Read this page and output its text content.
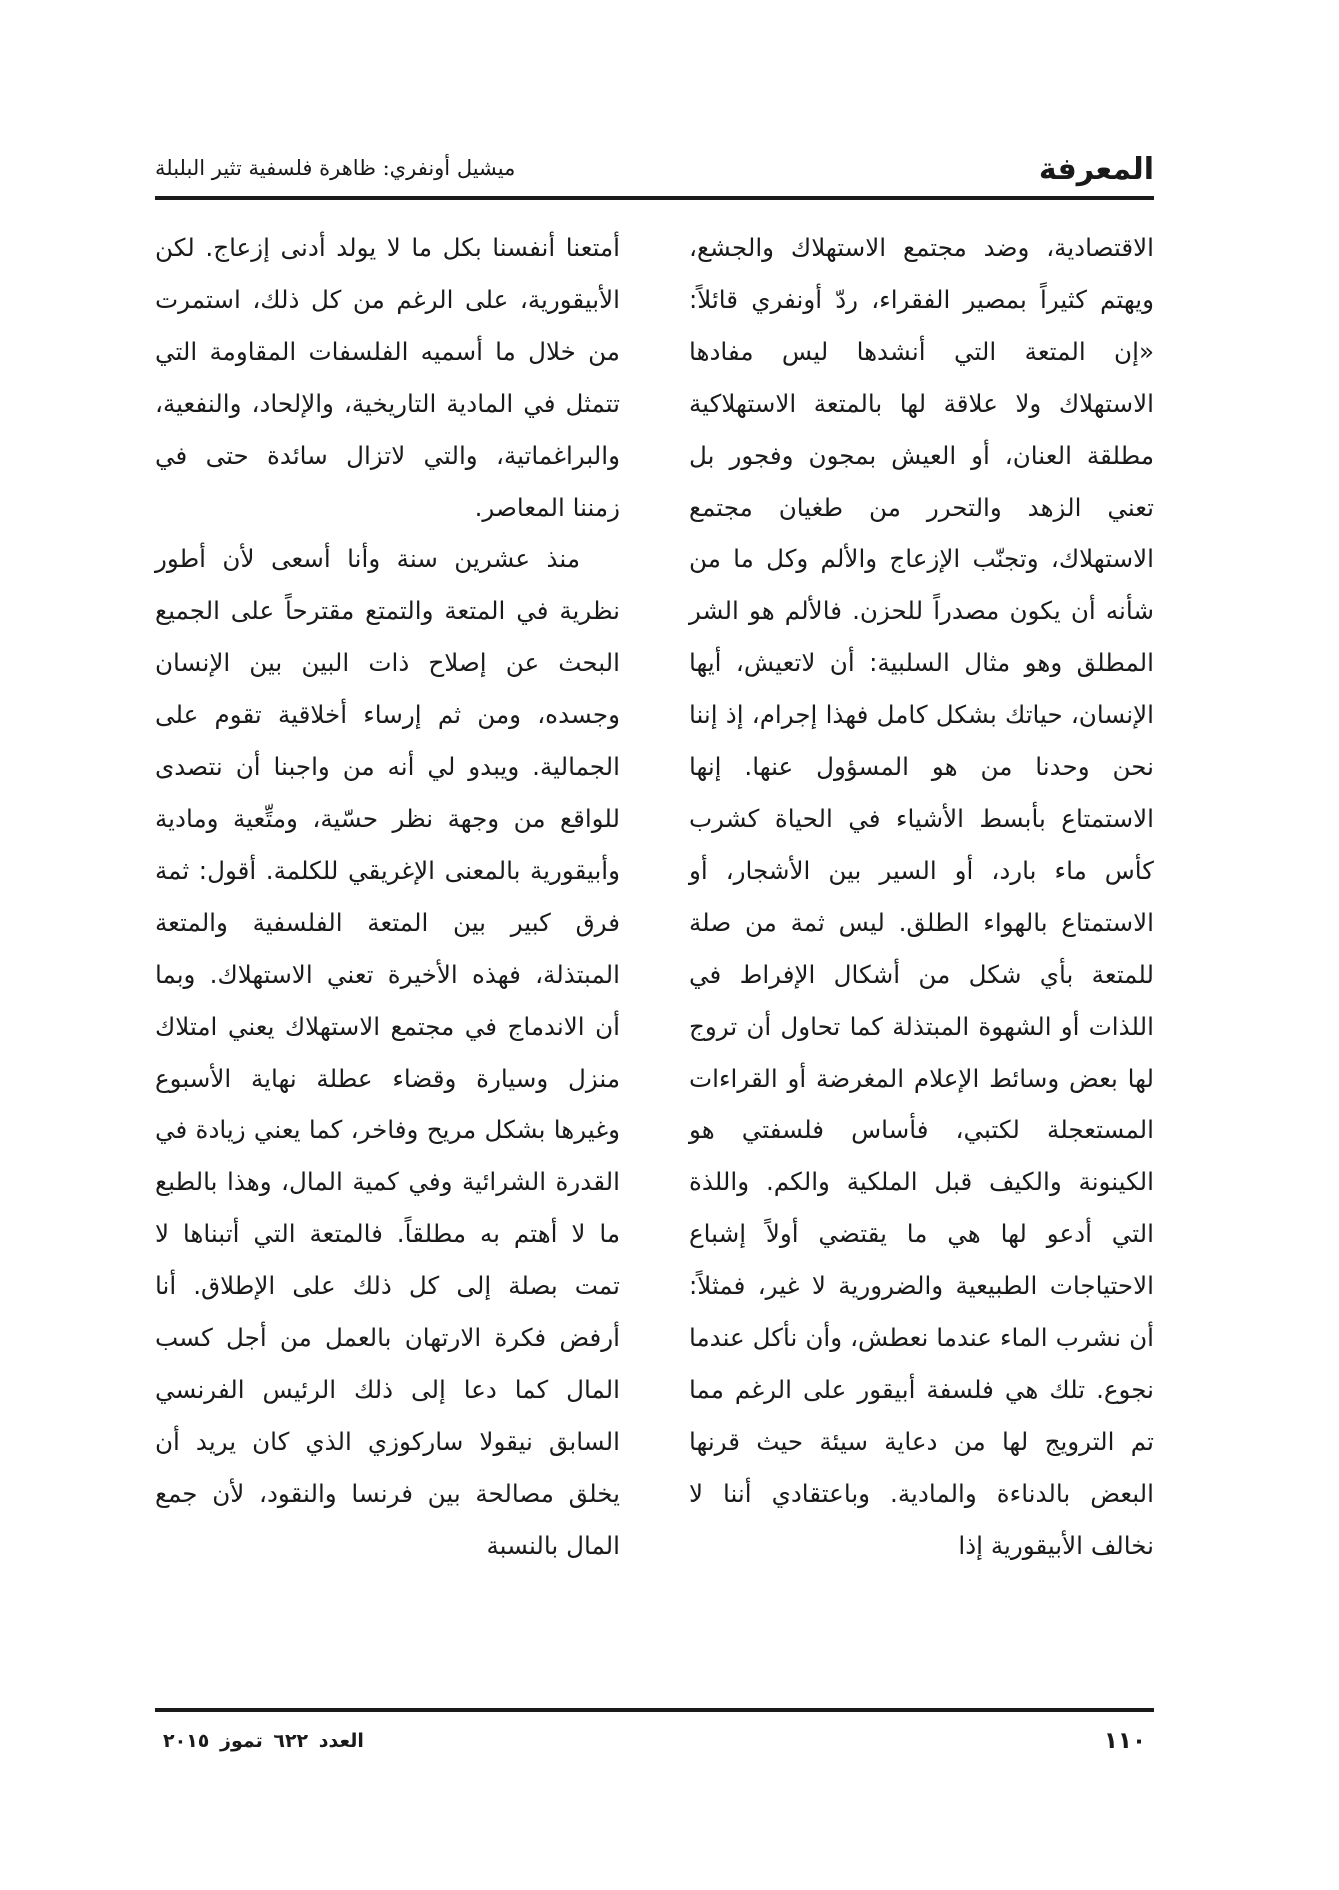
المعرفة
ميشيل أونفري: ظاهرة فلسفية تثير البلبلة

الاقتصادية، وضد مجتمع الاستهلاك والجشع، ويهتم كثيراً بمصير الفقراء، ردّ أونفري قائلاً: «إن المتعة التي أنشدها ليس مفادها الاستهلاك ولا علاقة لها بالمتعة الاستهلاكية مطلقة العنان، أو العيش بمجون وفجور بل تعني الزهد والتحرر من طغيان مجتمع الاستهلاك، وتجنّب الإزعاج والألم وكل ما من شأنه أن يكون مصدراً للحزن. فالألم هو الشر المطلق وهو مثال السلبية: أن لاتعيش، أيها الإنسان، حياتك بشكل كامل فهذا إجرام، إذ إننا نحن وحدنا من هو المسؤول عنها. إنها الاستمتاع بأبسط الأشياء في الحياة كشرب كأس ماء بارد، أو السير بين الأشجار، أو الاستمتاع بالهواء الطلق. ليس ثمة من صلة للمتعة بأي شكل من أشكال الإفراط في اللذات أو الشهوة المبتذلة كما تحاول أن تروج لها بعض وسائط الإعلام المغرضة أو القراءات المستعجلة لكتبي، فأساس فلسفتي هو الكينونة والكيف قبل الملكية والكم. واللذة التي أدعو لها هي ما يقتضي أولاً إشباع الاحتياجات الطبيعية والضرورية لا غير، فمثلاً: أن نشرب الماء عندما نعطش، وأن نأكل عندما نجوع. تلك هي فلسفة أبيقور على الرغم مما تم الترويج لها من دعاية سيئة حيث قرنها البعض بالدناءة والمادية. وباعتقادي أننا لا نخالف الأبيقورية إذا

أمتعنا أنفسنا بكل ما لا يولد أدنى إزعاج. لكن الأبيقورية، على الرغم من كل ذلك، استمرت من خلال ما أسميه الفلسفات المقاومة التي تتمثل في المادية التاريخية، والإلحاد، والنفعية، والبراغماتية، والتي لاتزال سائدة حتى في زمننا المعاصر.

منذ عشرين سنة وأنا أسعى لأن أطور نظرية في المتعة والتمتع مقترحاً على الجميع البحث عن إصلاح ذات البين بين الإنسان وجسده، ومن ثم إرساء أخلاقية تقوم على الجمالية. ويبدو لي أنه من واجبنا أن نتصدى للواقع من وجهة نظر حسّية، ومتِّعية ومادية وأبيقورية بالمعنى الإغريقي للكلمة. أقول: ثمة فرق كبير بين المتعة الفلسفية والمتعة المبتذلة، فهذه الأخيرة تعني الاستهلاك. وبما أن الاندماج في مجتمع الاستهلاك يعني امتلاك منزل وسيارة وقضاء عطلة نهاية الأسبوع وغيرها بشكل مريح وفاخر، كما يعني زيادة في القدرة الشرائية وفي كمية المال، وهذا بالطبع ما لا أهتم به مطلقاً. فالمتعة التي أتبناها لا تمت بصلة إلى كل ذلك على الإطلاق. أنا أرفض فكرة الارتهان بالعمل من أجل كسب المال كما دعا إلى ذلك الرئيس الفرنسي السابق نيقولا ساركوزي الذي كان يريد أن يخلق مصالحة بين فرنسا والنقود، لأن جمع المال بالنسبة

١١٠
العدد ٦٢٢ تموز ٢٠١٥
